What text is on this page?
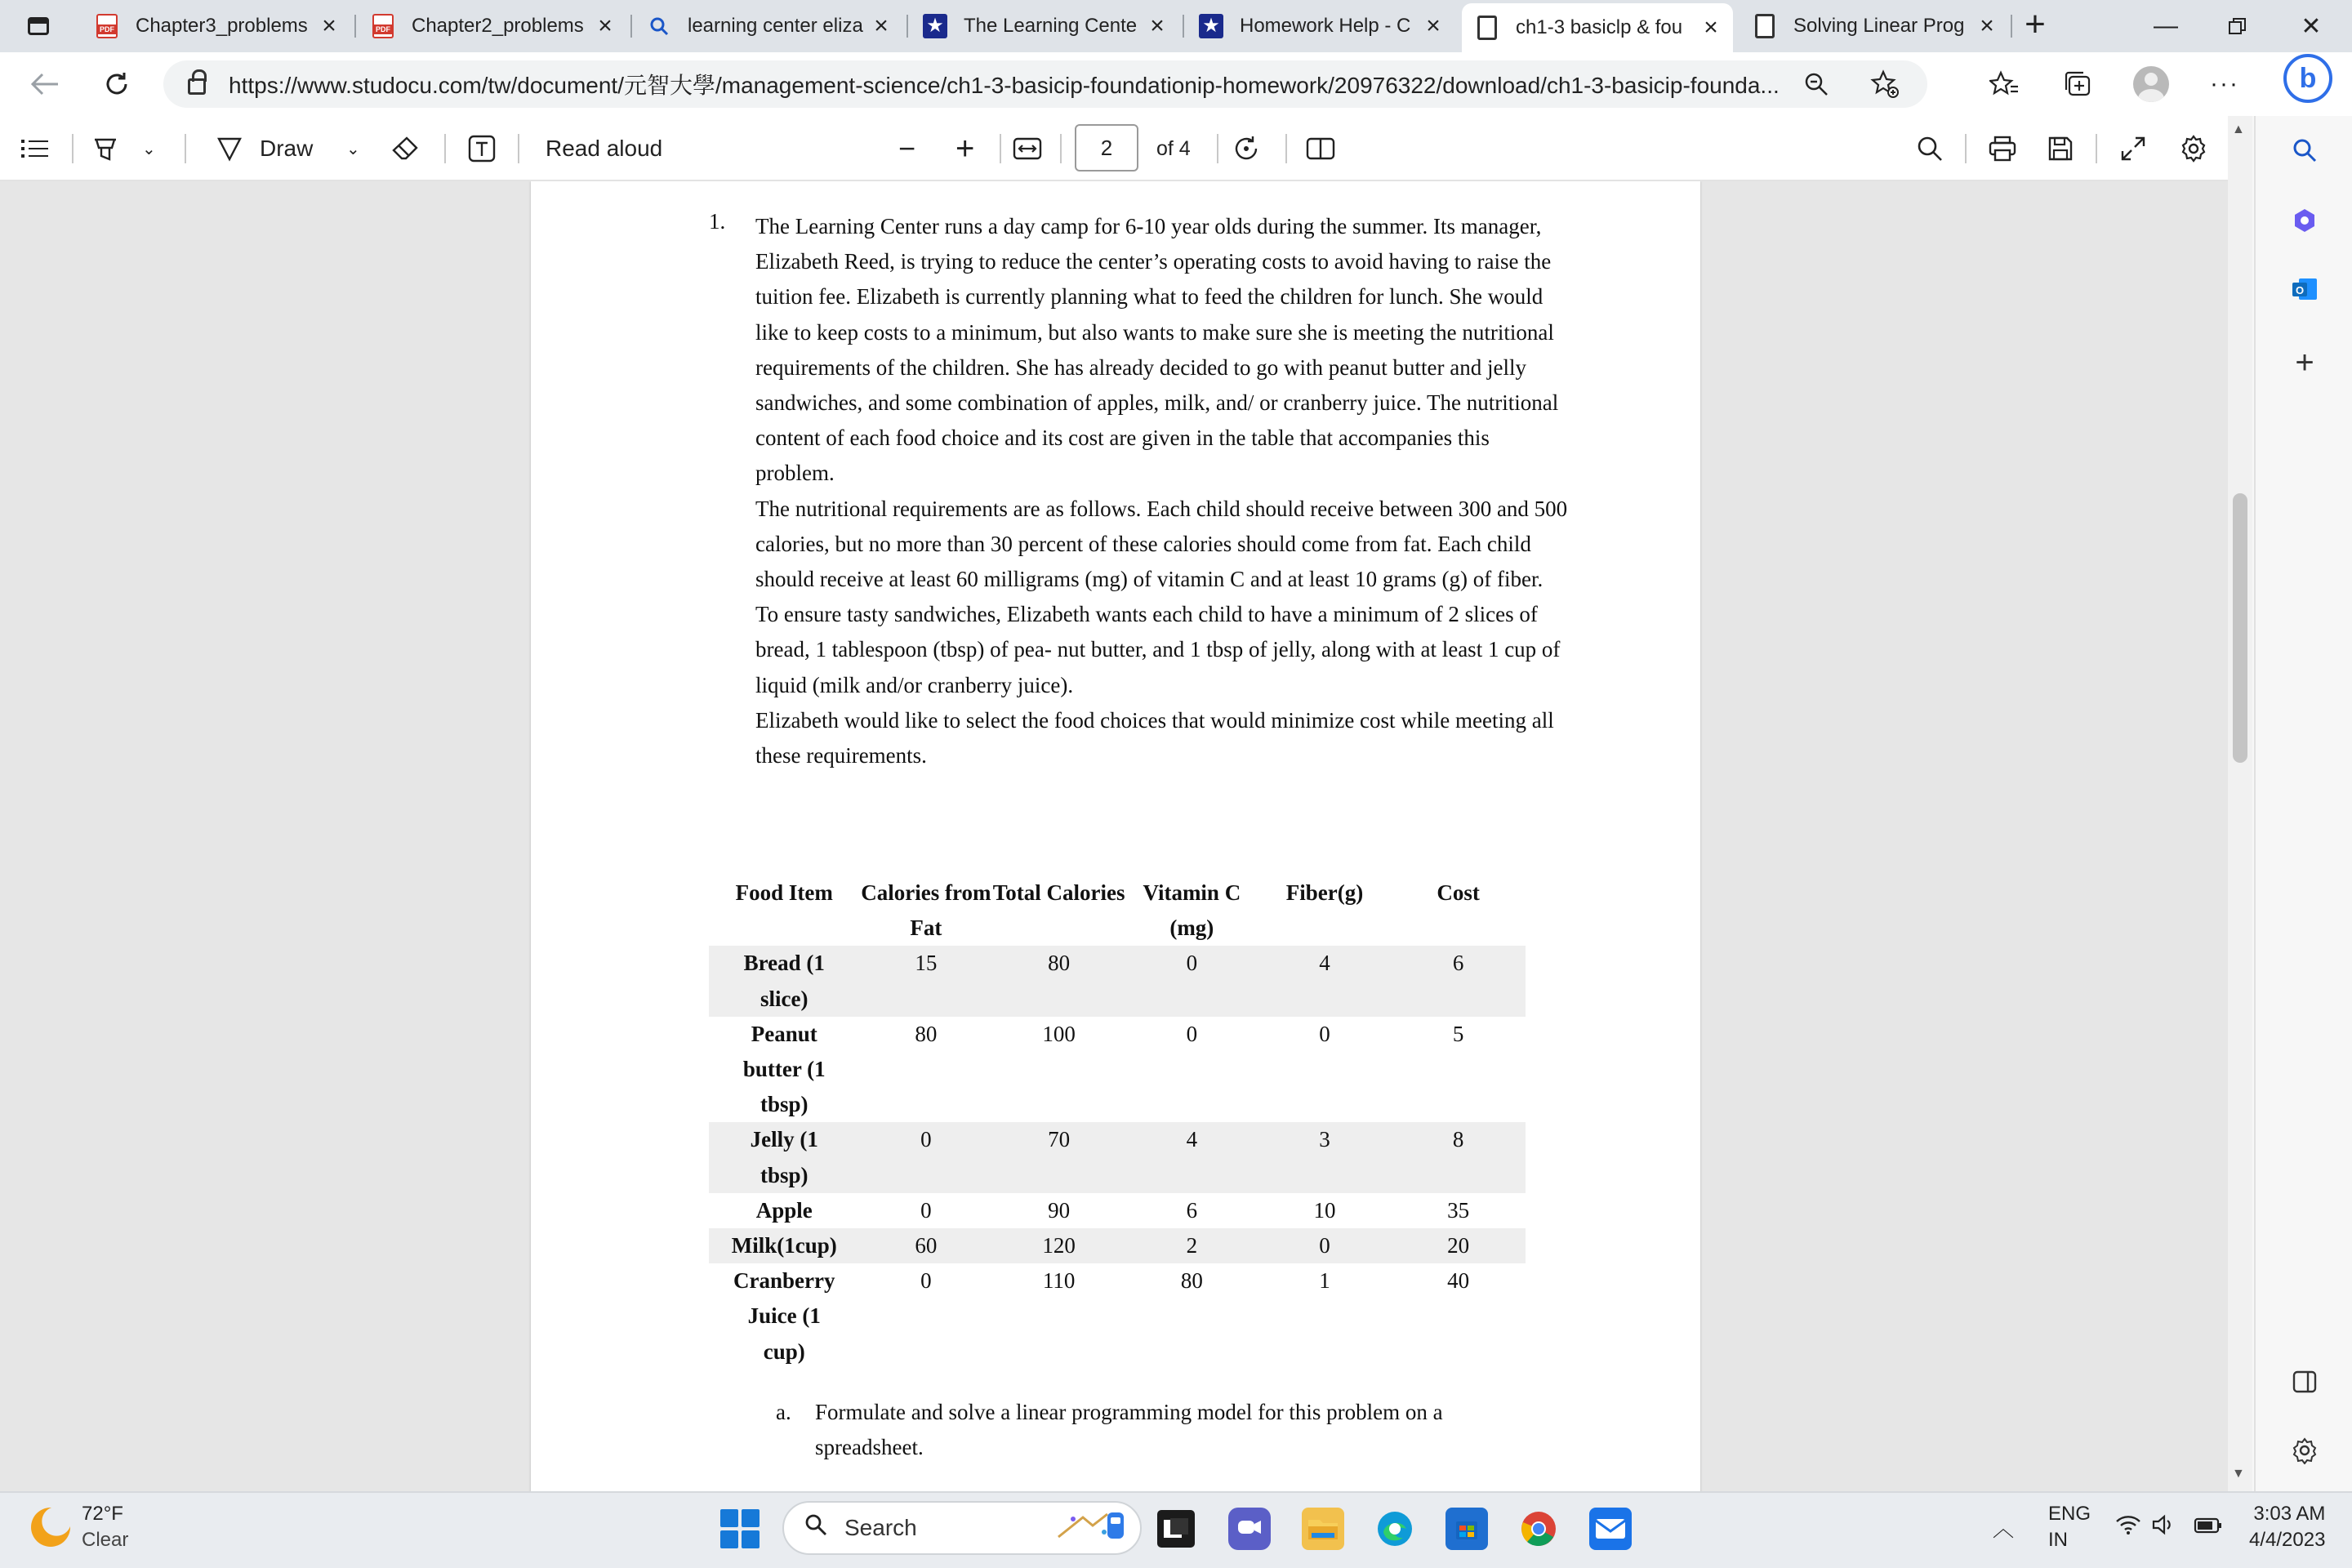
PDF
Chapter3_problems × PDF	Chapter2_problems ×	learning center eliza × ★ The Learning Cente × ★ Homework Help - C ×	ch1-3 basiclp & fou ×	Solving Linear Prog × +	—	✕
https://www.studocu.com/tw/document/元智大學/management-science/ch1-3-basicip-foundationip-homework/20976322/download/ch1-3-basicip-founda...	···	b
⌄	Draw ⌄	Read aloud	− +	2	of 4
1. The Learning Center runs a day camp for 6-10 year olds during the summer. Its manager, Elizabeth Reed, is trying to reduce the center’s operating costs to avoid having to raise the tuition fee. Elizabeth is currently planning what to feed the children for lunch. She would like to keep costs to a minimum, but also wants to make sure she is meeting the nutritional requirements of the children. She has already decided to go with peanut butter and jelly sandwiches, and some combination of apples, milk, and/ or cranberry juice. The nutritional content of each food choice and its cost are given in the table that accompanies this problem.

The nutritional requirements are as follows. Each child should receive between 300 and 500 calories, but no more than 30 percent of these calories should come from fat. Each child should receive at least 60 milligrams (mg) of vitamin C and at least 10 grams (g) of fiber.

To ensure tasty sandwiches, Elizabeth wants each child to have a minimum of 2 slices of bread, 1 tablespoon (tbsp) of pea- nut butter, and 1 tbsp of jelly, along with at least 1 cup of liquid (milk and/or cranberry juice).

Elizabeth would like to select the food choices that would minimize cost while meeting all these requirements.

Food Item	Calories from Fat	Total Calories	Vitamin C (mg)	Fiber(g)	Cost
Bread (1 slice)	15	80	0	4	6
Peanut butter (1 tbsp)	80	100	0	0	5
Jelly (1 tbsp)	0	70	4	3	8
Apple	0	90	6	10	35
Milk(1cup)	60	120	2	0	20
Cranberry Juice (1 cup)	0	110	80	1	40
a. Formulate and solve a linear programming model for this problem on a spreadsheet.
▲
▼
O
+
72°F
Clear	Search	︿
ENG
IN
3:03 AM
4/4/2023
